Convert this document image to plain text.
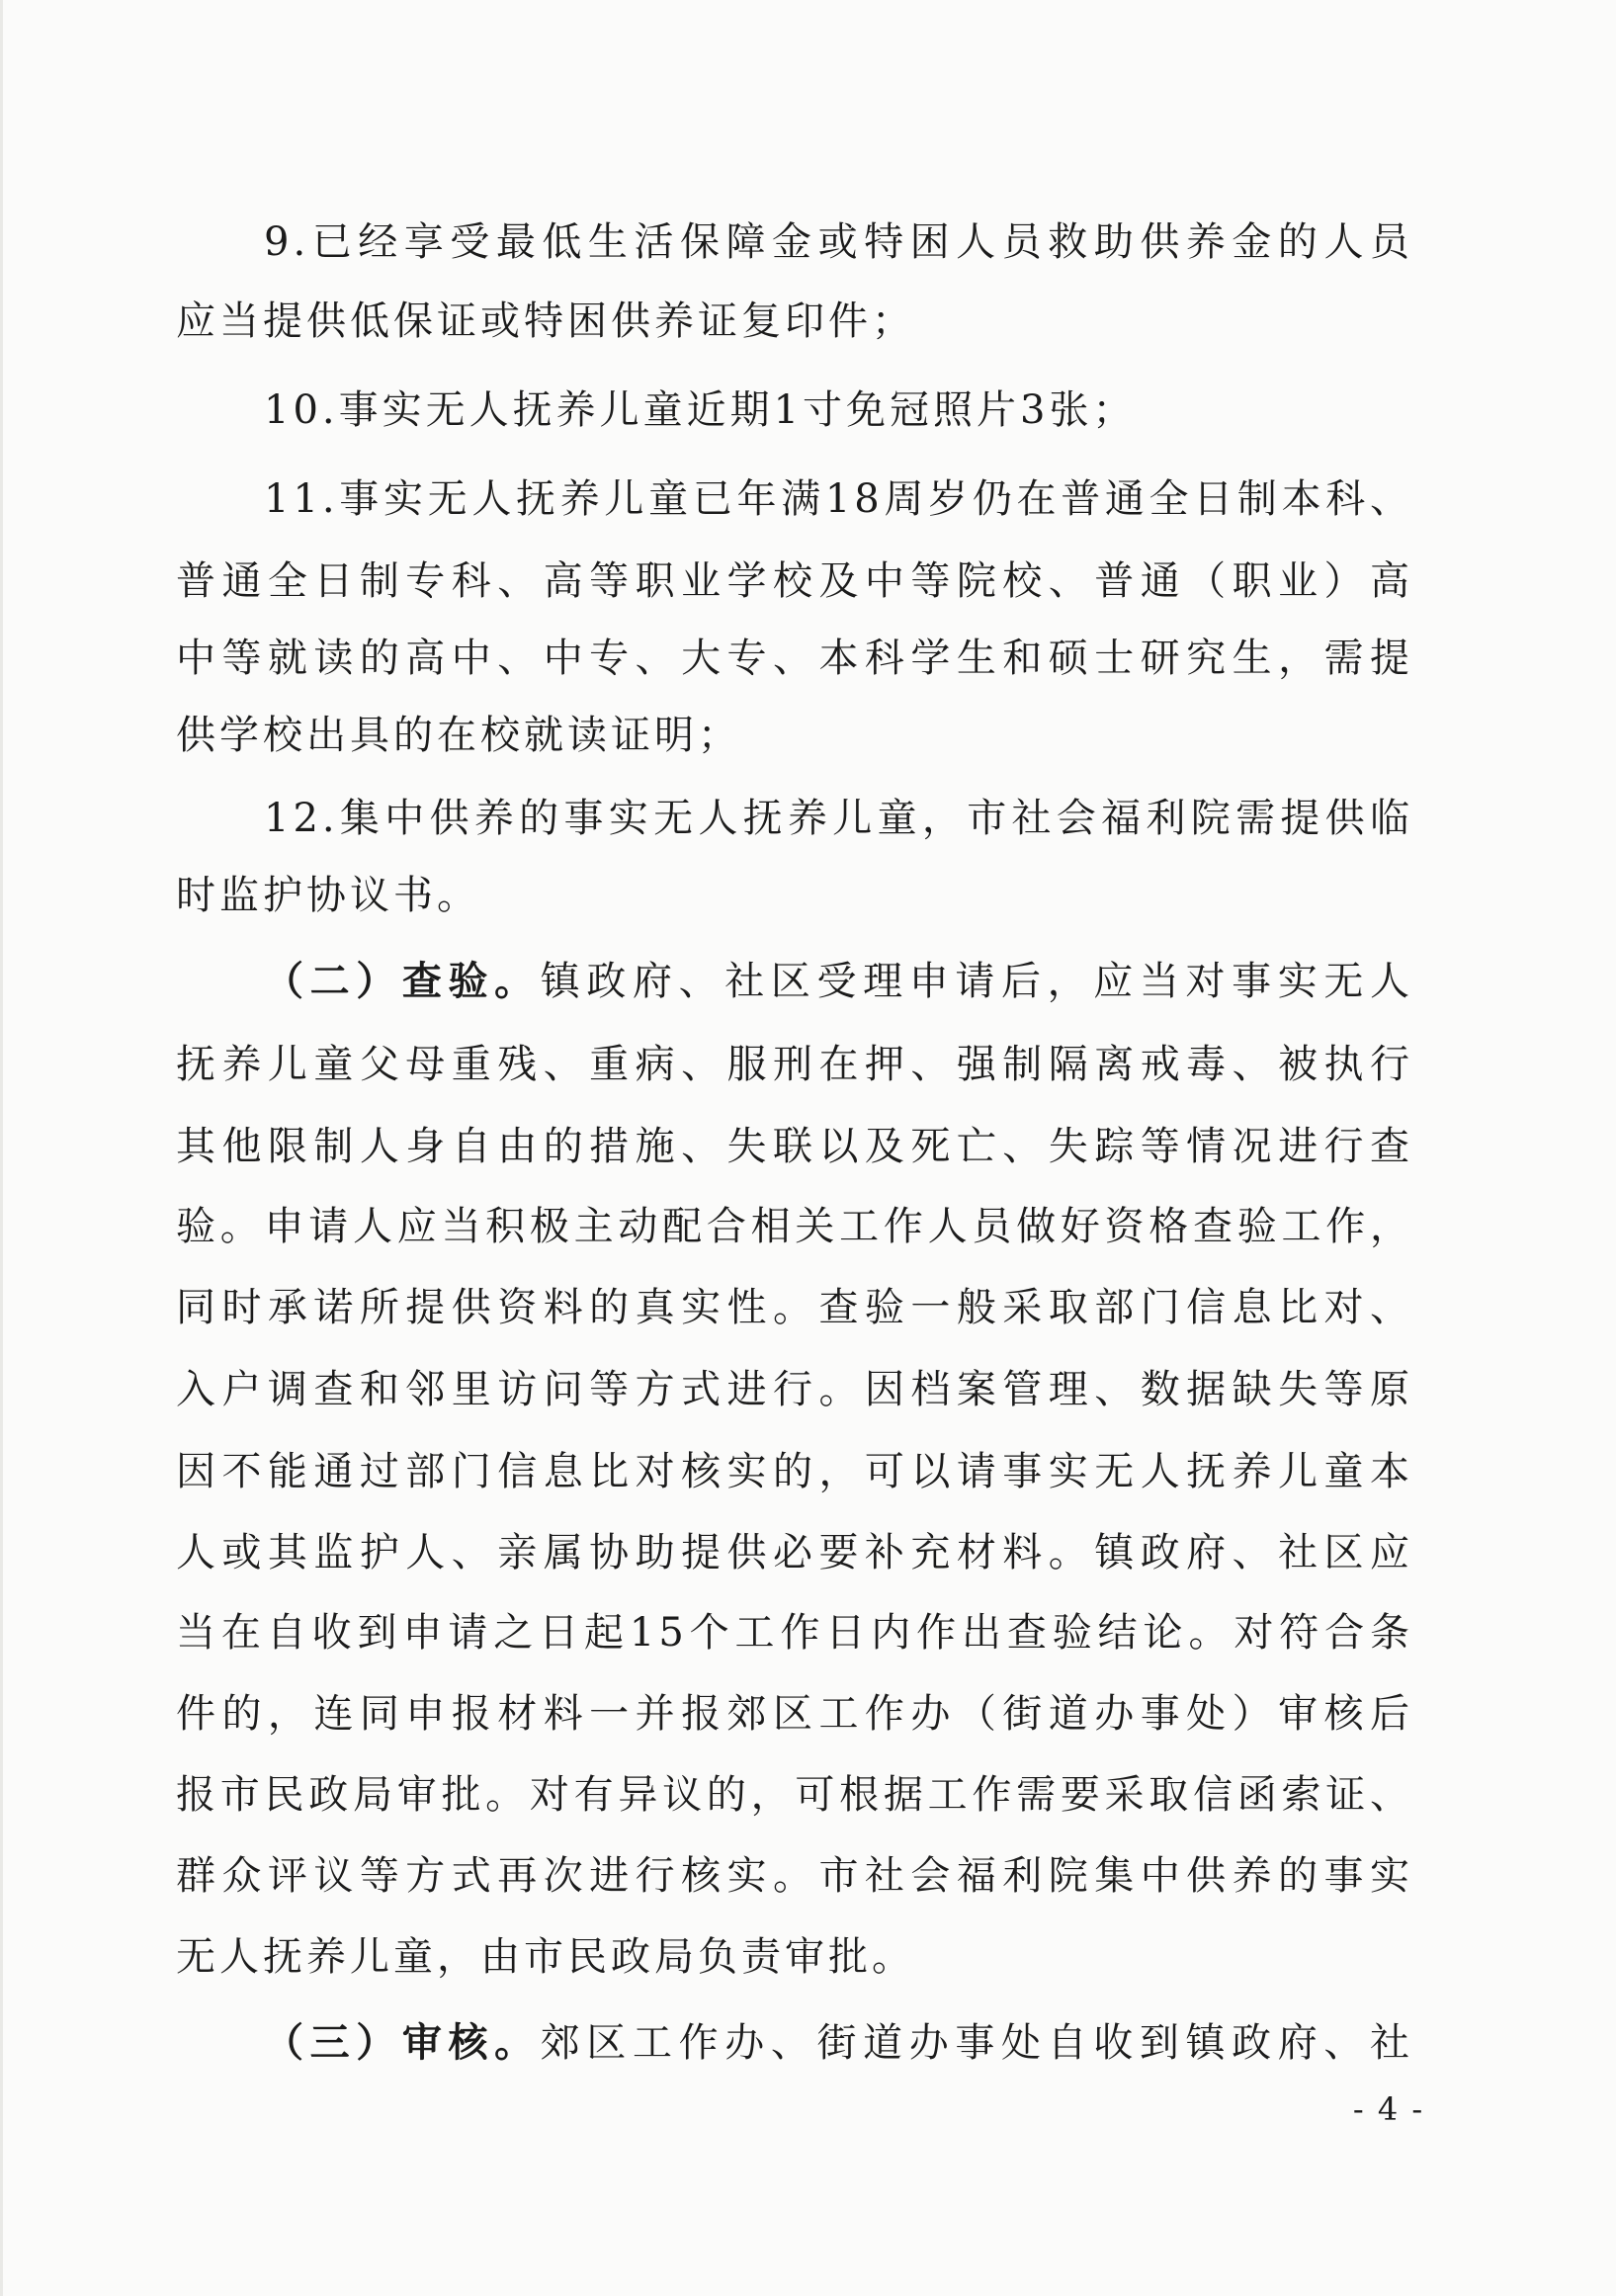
9.已经享受最低生活保障金或特困人员救助供养金的人员
应当提供低保证或特困供养证复印件；
10.事实无人抚养儿童近期1寸免冠照片3张；
11.事实无人抚养儿童已年满18周岁仍在普通全日制本科、
普通全日制专科、高等职业学校及中等院校、普通（职业）高
中等就读的高中、中专、大专、本科学生和硕士研究生，需提
供学校出具的在校就读证明；
12.集中供养的事实无人抚养儿童，市社会福利院需提供临
时监护协议书。
（二）查验。镇政府、社区受理申请后，应当对事实无人
抚养儿童父母重残、重病、服刑在押、强制隔离戒毒、被执行
其他限制人身自由的措施、失联以及死亡、失踪等情况进行查
验。申请人应当积极主动配合相关工作人员做好资格查验工作，
同时承诺所提供资料的真实性。查验一般采取部门信息比对、
入户调查和邻里访问等方式进行。因档案管理、数据缺失等原
因不能通过部门信息比对核实的，可以请事实无人抚养儿童本
人或其监护人、亲属协助提供必要补充材料。镇政府、社区应
当在自收到申请之日起15个工作日内作出查验结论。对符合条
件的，连同申报材料一并报郊区工作办（街道办事处）审核后
报市民政局审批。对有异议的，可根据工作需要采取信函索证、
群众评议等方式再次进行核实。市社会福利院集中供养的事实
无人抚养儿童，由市民政局负责审批。
（三）审核。郊区工作办、街道办事处自收到镇政府、社
- 4 -
